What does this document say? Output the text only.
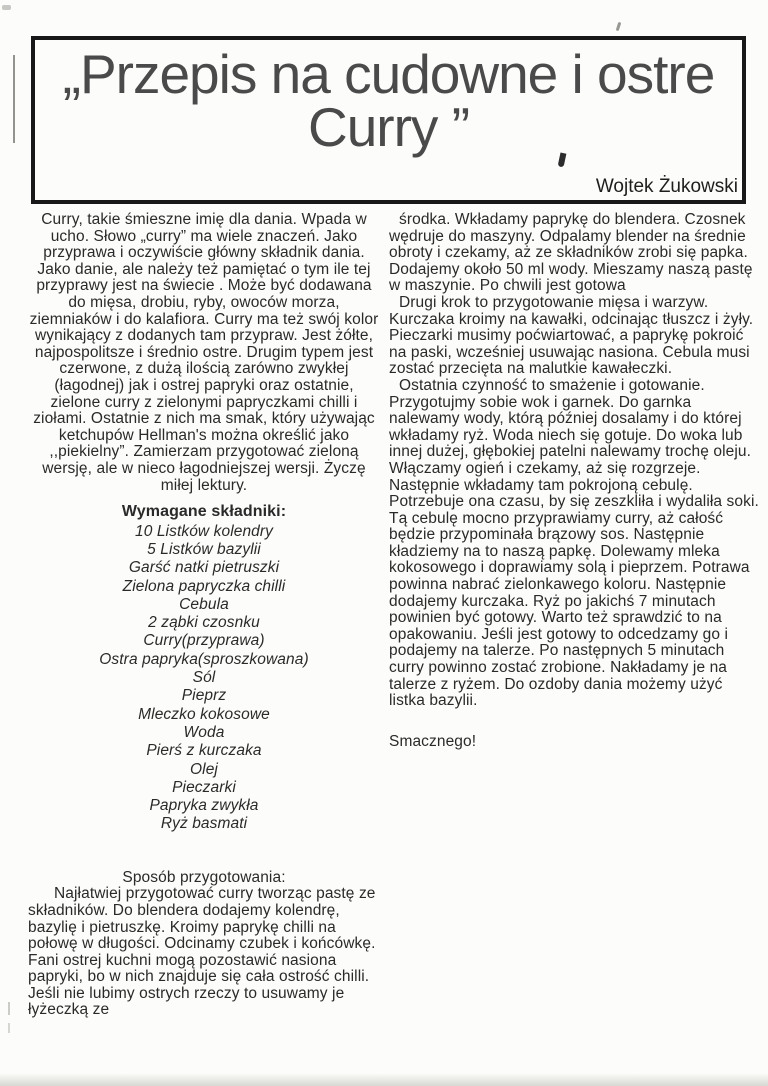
„Przepis na cudowne i ostre
Curry ”
Wojtek Żukowski

Curry, takie śmieszne imię dla dania. Wpada w ucho. Słowo „curry” ma wiele znaczeń. Jako przyprawa i oczywiście główny składnik dania. Jako danie, ale należy też pamiętać o tym ile tej przyprawy jest na świecie . Może być dodawana do mięsa, drobiu, ryby, owoców morza, ziemniaków i do kalafiora. Curry ma też swój kolor wynikający z dodanych tam przypraw. Jest żółte, najpospolitsze i średnio ostre. Drugim typem jest czerwone, z dużą ilością zarówno zwykłej (łagodnej) jak i ostrej papryki oraz ostatnie, zielone curry z zielonymi papryczkami chilli i ziołami. Ostatnie z nich ma smak, który używając ketchupów Hellman's można określić jako ,,piekielny”. Zamierzam przygotować zieloną wersję, ale w nieco łagodniejszej wersji. Życzę miłej lektury.

Wymagane składniki:
10 Listków kolendry
5 Listków bazylii
Garść natki pietruszki
Zielona papryczka chilli
Cebula
2 ząbki czosnku
Curry(przyprawa)
Ostra papryka(sproszkowana)
Sól
Pieprz
Mleczko kokosowe
Woda
Pierś z kurczaka
Olej
Pieczarki
Papryka zwykła
Ryż basmati
Sposób przygotowania:

Najłatwiej przygotować curry tworząc pastę ze składników. Do blendera dodajemy kolendrę, bazylię i pietruszkę. Kroimy paprykę chilli na połowę w długości. Odcinamy czubek i końcówkę. Fani ostrej kuchni mogą pozostawić nasiona papryki, bo w nich znajduje się cała ostrość chilli. Jeśli nie lubimy ostrych rzeczy to usuwamy je łyżeczką ze

środka. Wkładamy paprykę do blendera. Czosnek wędruje do maszyny. Odpalamy blender na średnie obroty i czekamy, aż ze składników zrobi się papka. Dodajemy około 50 ml wody. Mieszamy naszą pastę w maszynie. Po chwili jest gotowa

Drugi krok to przygotowanie mięsa i warzyw. Kurczaka kroimy na kawałki, odcinając tłuszcz i żyły. Pieczarki musimy poćwiartować, a paprykę pokroić na paski, wcześniej usuwając nasiona. Cebula musi zostać przecięta na malutkie kawałeczki.

Ostatnia czynność to smażenie i gotowanie. Przygotujmy sobie wok i garnek. Do garnka nalewamy wody, którą później dosalamy i do której wkładamy ryż. Woda niech się gotuje. Do woka lub innej dużej, głębokiej patelni nalewamy trochę oleju. Włączamy ogień i czekamy, aż się rozgrzeje. Następnie wkładamy tam pokrojoną cebulę. Potrzebuje ona czasu, by się zeszkliła i wydaliła soki. Tą cebulę mocno przyprawiamy curry, aż całość będzie przypominała brązowy sos. Następnie kładziemy na to naszą papkę. Dolewamy mleka kokosowego i doprawiamy solą i pieprzem. Potrawa powinna nabrać zielonkawego koloru. Następnie dodajemy kurczaka. Ryż po jakichś 7 minutach powinien być gotowy. Warto też sprawdzić to na opakowaniu. Jeśli jest gotowy to odcedzamy go i podajemy na talerze. Po następnych 5 minutach curry powinno zostać zrobione. Nakładamy je na talerze z ryżem. Do ozdoby dania możemy użyć listka bazylii.

Smacznego!
